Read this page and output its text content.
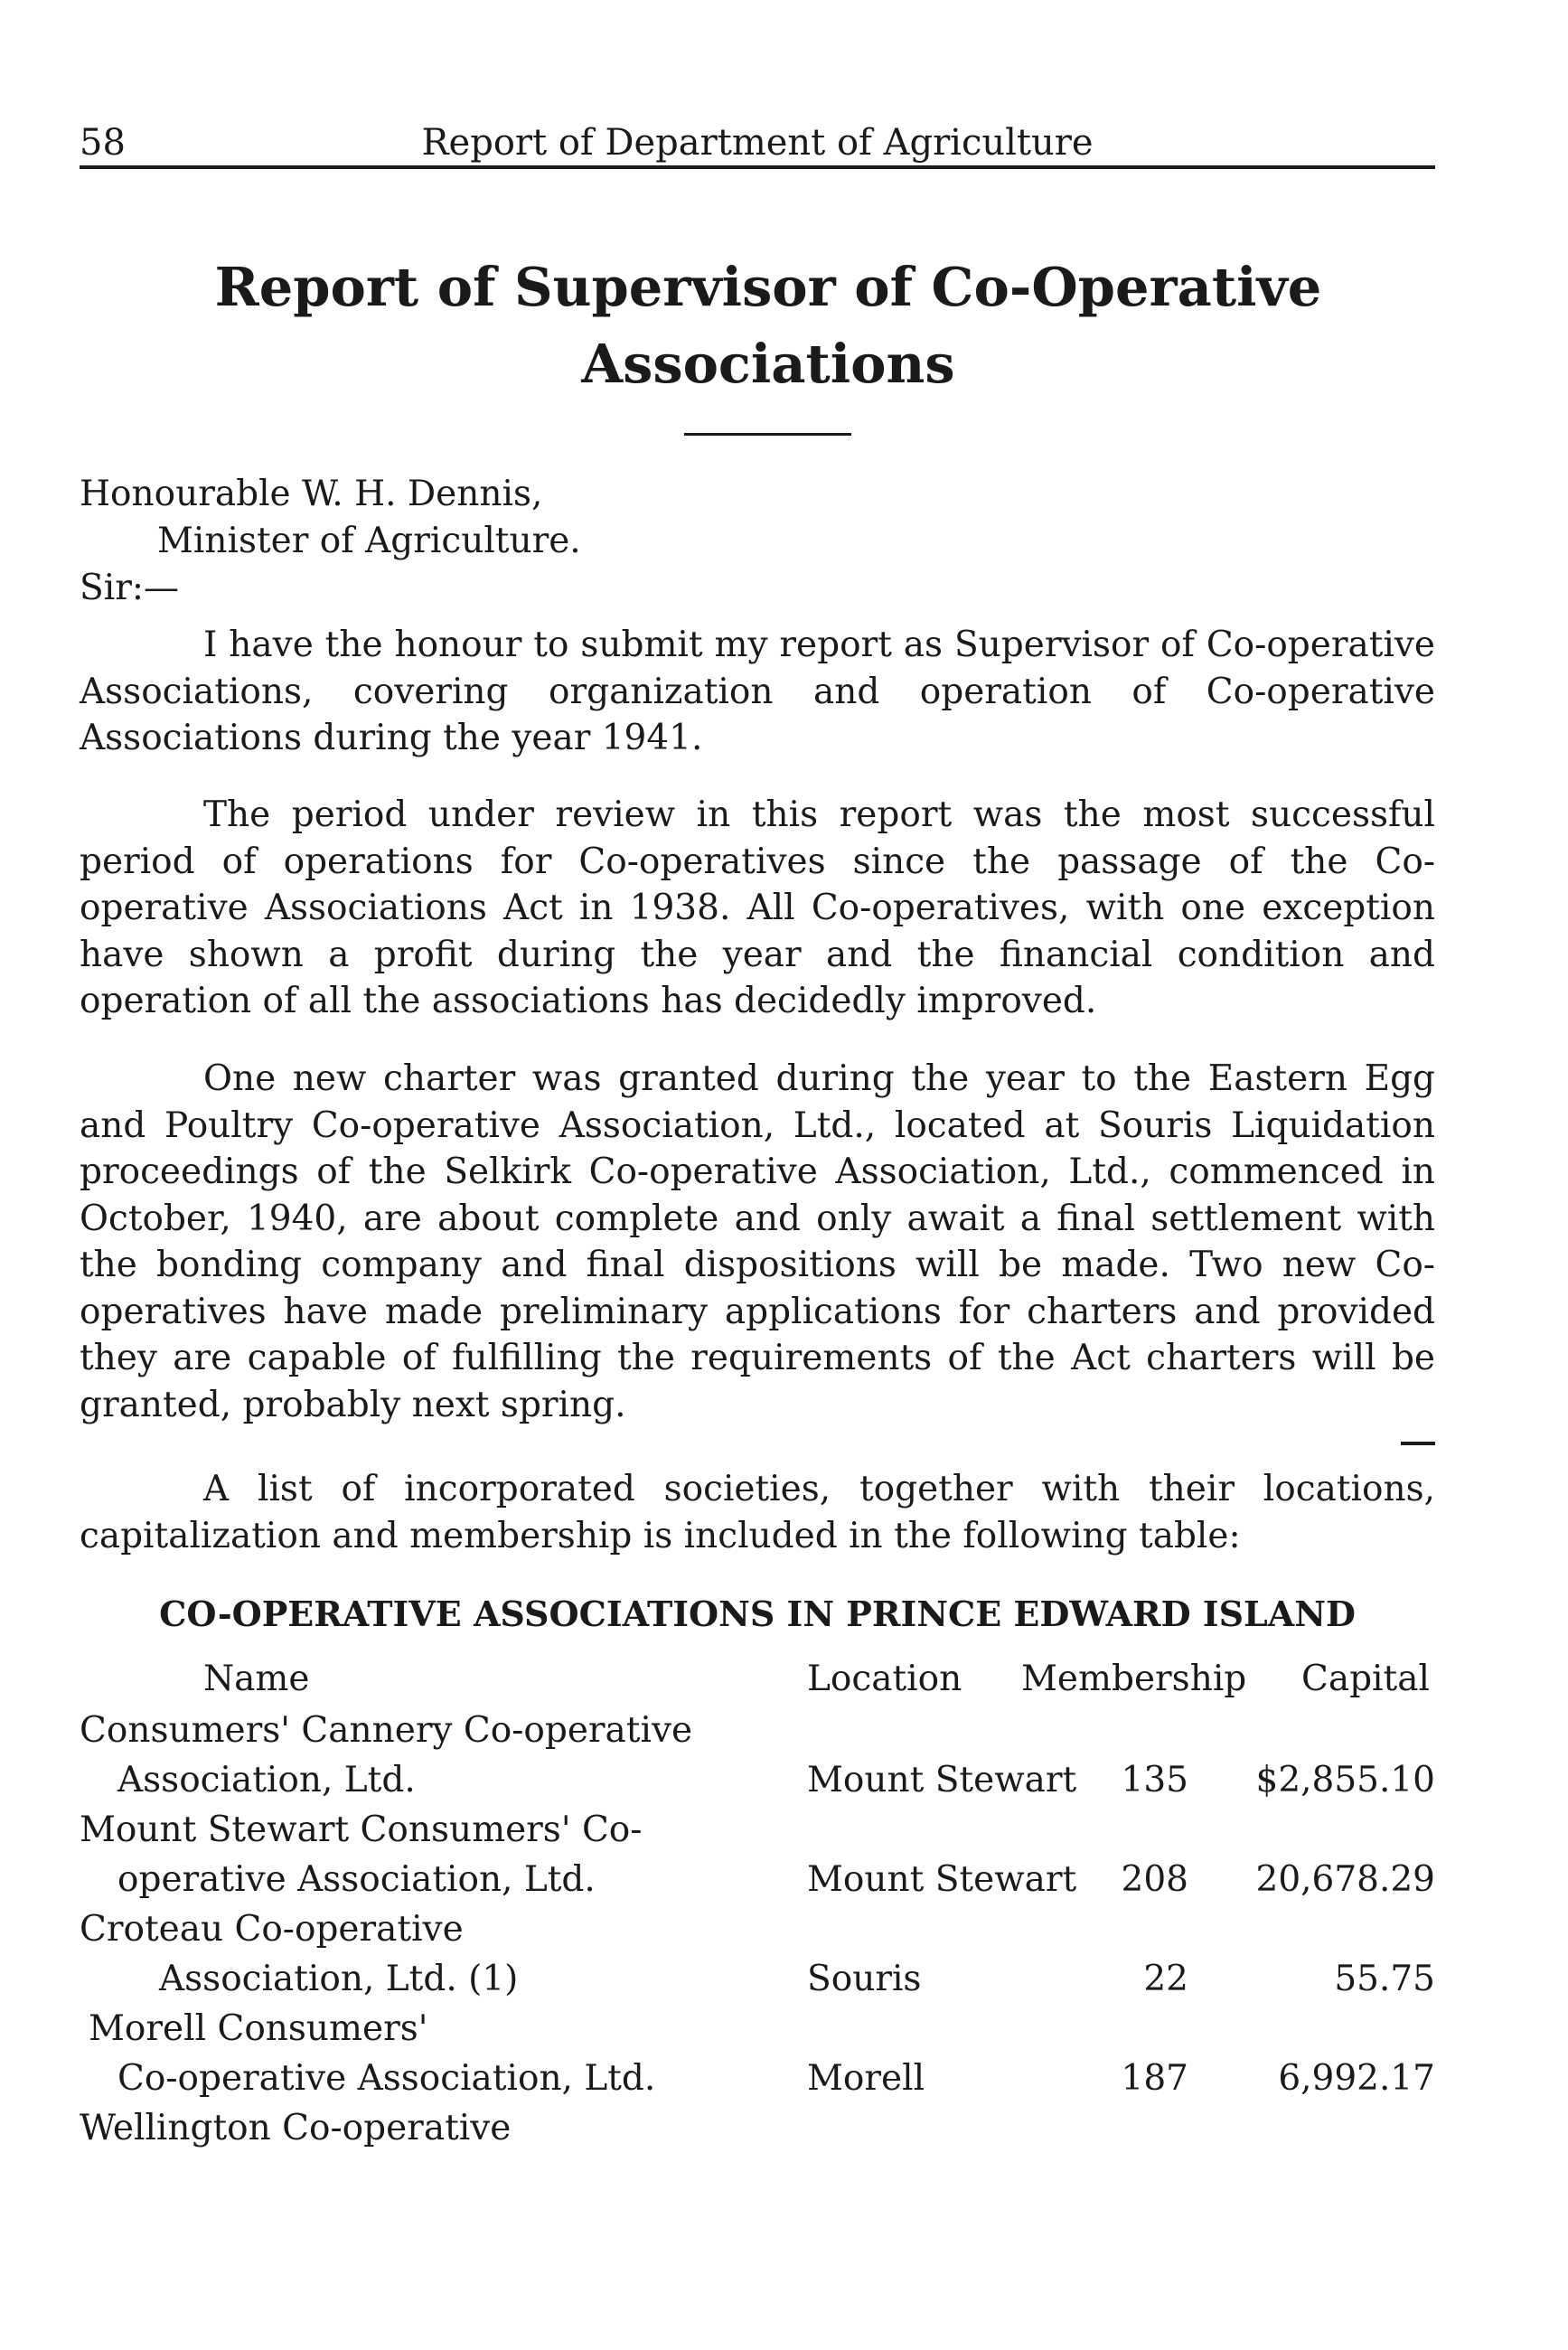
58	Report of Department of Agriculture
Report of Supervisor of Co-Operative
Associations
Honourable W. H. Dennis,
Minister of Agriculture.
Sir:—
I have the honour to submit my report as Supervisor of Co-operative Associations, covering organization and operation of Co-operative Associations during the year 1941.
The period under review in this report was the most successful period of operations for Co-operatives since the passage of the Co-operative Associations Act in 1938. All Co-operatives, with one exception have shown a profit during the year and the financial condition and operation of all the associations has decidedly improved.
One new charter was granted during the year to the Eastern Egg and Poultry Co-operative Association, Ltd., located at Souris Liquidation proceedings of the Selkirk Co-operative Association, Ltd., commenced in October, 1940, are about complete and only await a final settlement with the bonding company and final dispositions will be made. Two new Co-operatives have made preliminary applications for charters and provided they are capable of fulfilling the requirements of the Act charters will be granted, probably next spring.
A list of incorporated societies, together with their locations, capitalization and membership is included in the following table:
CO-OPERATIVE ASSOCIATIONS IN PRINCE EDWARD ISLAND
Name	Location Membership Capital
Consumers' Cannery Co-operative
Association, Ltd.	Mount Stewart	135 $2,855.10
Mount Stewart Consumers' Co-
operative Association, Ltd.	Mount Stewart	208 20,678.29
Croteau Co-operative
Association, Ltd. (1)	Souris	22	55.75
Morell Consumers'
Co-operative Association, Ltd.	Morell	187	6,992.17
Wellington Co-operative
